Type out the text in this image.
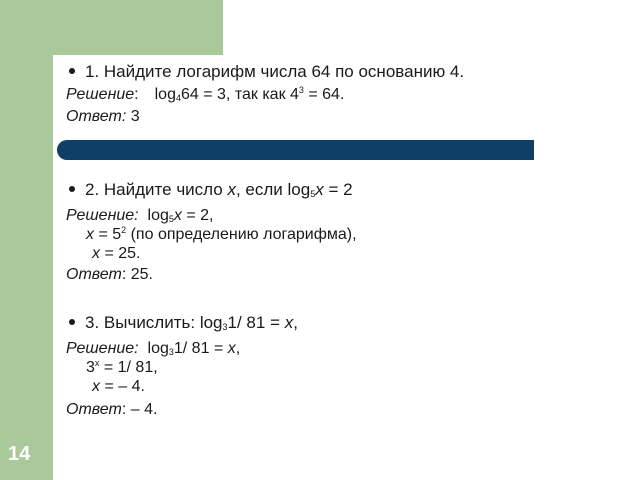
14
1. Найдите логарифм числа 64 по основанию 4.
Решение: $\log_464 = 3$, так как $4^3 = 64$.
Ответ: 3
2. Найдите число x, если $\log_5x = 2$
Решение:  $\log_5x = 2$,
$x = 5^2$ (по определению логарифма),
x = 25.
Ответ: 25.
3. Вычислить: $\log_31/$ 81 = x,
Решение:  $\log_31/$ 81 = x,
$3^x = 1/$ 81,
x = – 4.
Ответ: – 4.
